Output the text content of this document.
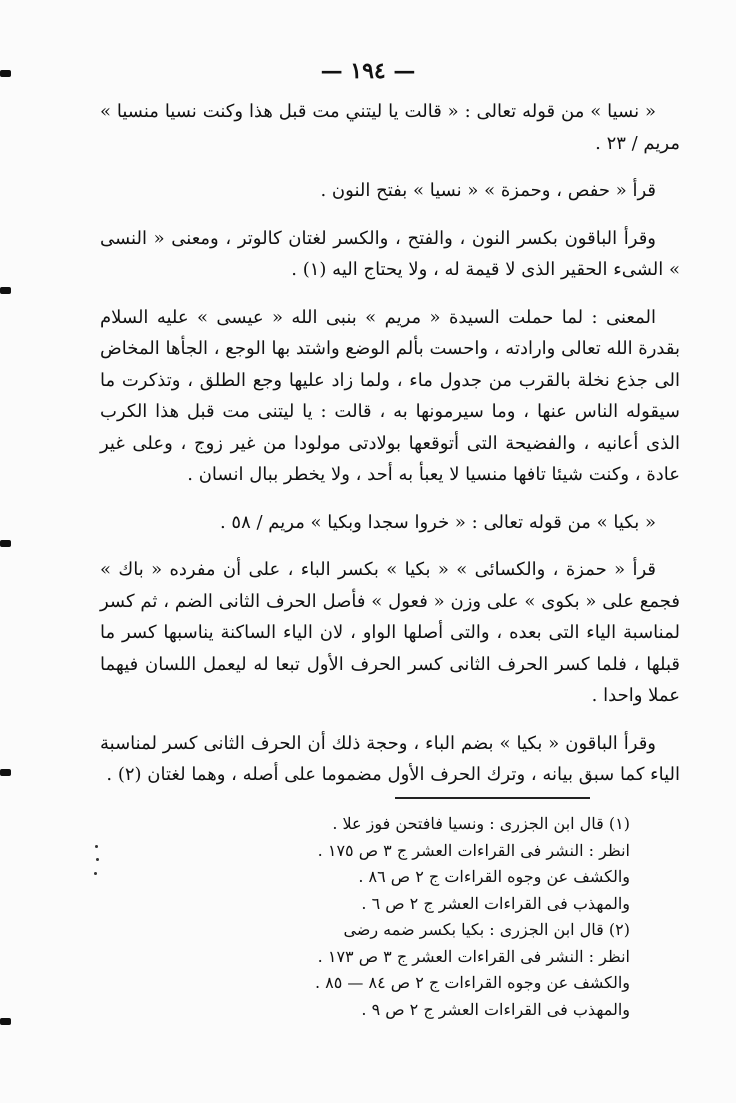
— ١٩٤ —

« نسيا » من قوله تعالى : « قالت يا ليتني مت قبل هذا وكنت نسيا منسيا » مريم / ٢٣ .

قرأ « حفص ، وحمزة » « نسيا » بفتح النون .

وقرأ الباقون بكسر النون ، والفتح ، والكسر لغتان كالوتر ، ومعنى « النسى » الشىء الحقير الذى لا قيمة له ، ولا يحتاج اليه (١) .

المعنى : لما حملت السيدة « مريم » بنبى الله « عيسى » عليه السلام بقدرة الله تعالى وارادته ، واحست بألم الوضع واشتد بها الوجع ، الجأها المخاض الى جذع نخلة بالقرب من جدول ماء ، ولما زاد عليها وجع الطلق ، وتذكرت ما سيقوله الناس عنها ، وما سيرمونها به ، قالت : يا ليتنى مت قبل هذا الكرب الذى أعانيه ، والفضيحة التى أتوقعها بولادتى مولودا من غير زوج ، وعلى غير عادة ، وكنت شيئا تافها منسيا لا يعبأ به أحد ، ولا يخطر ببال انسان .

« بكيا » من قوله تعالى : « خروا سجدا وبكيا » مريم / ٥٨ .

قرأ « حمزة ، والكسائى » « بكيا » بكسر الباء ، على أن مفرده « باك » فجمع على « بكوى » على وزن « فعول » فأصل الحرف الثانى الضم ، ثم كسر لمناسبة الياء التى بعده ، والتى أصلها الواو ، لان الياء الساكنة يناسبها كسر ما قبلها ، فلما كسر الحرف الثانى كسر الحرف الأول تبعا له ليعمل اللسان فيهما عملا واحدا .

وقرأ الباقون « بكيا » بضم الباء ، وحجة ذلك أن الحرف الثانى كسر لمناسبة الياء كما سبق بيانه ، وترك الحرف الأول مضموما على أصله ، وهما لغتان (٢) .

(١) قال ابن الجزرى : ونسيا فافتحن فوز علا .
انظر : النشر فى القراءات العشر ج ٣ ص ١٧٥ .
والكشف عن وجوه القراءات ج ٢ ص ٨٦ .
والمهذب فى القراءات العشر ج ٢ ص ٦ .
(٢) قال ابن الجزرى : بكيا بكسر ضمه رضى
انظر : النشر فى القراءات العشر ج ٣ ص ١٧٣ .
والكشف عن وجوه القراءات ج ٢ ص ٨٤ — ٨٥ .
والمهذب فى القراءات العشر ج ٢ ص ٩ .
